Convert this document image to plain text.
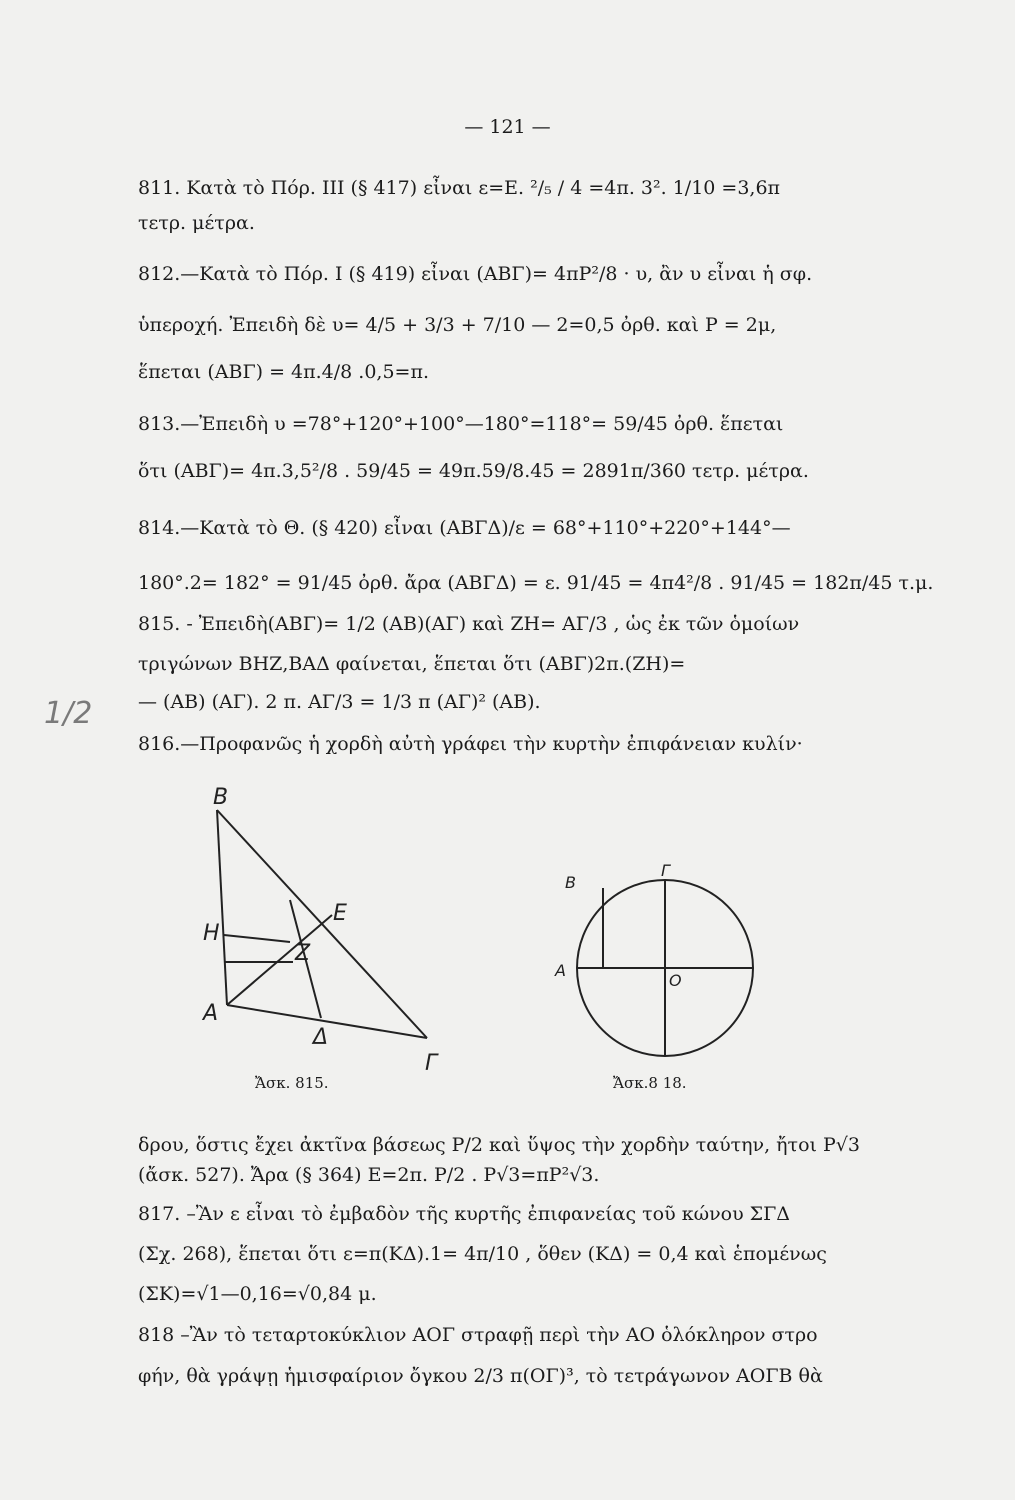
— 121 —
811. Κατὰ τὸ Πόρ. ΙΙΙ (§ 417) εἶναι ε=Ε. ²/₅ / 4 =4π. 3². 1/10 =3,6π
τετρ. μέτρα.
812.—Κατὰ τὸ Πόρ. Ι (§ 419) εἶναι (ΑΒΓ)= 4πΡ²/8 · υ, ἂν υ εἶναι ἡ σφ.
ὑπεροχή. Ἐπειδὴ δὲ υ= 4/5 + 3/3 + 7/10 — 2=0,5 ὀρθ. καὶ Ρ = 2μ,
ἕπεται (ΑΒΓ) = 4π.4/8 .0,5=π.
813.—Ἐπειδὴ υ =78°+120°+100°—180°=118°= 59/45 ὀρθ. ἕπεται
ὅτι (ΑΒΓ)= 4π.3,5²/8 . 59/45 = 49π.59/8.45 = 2891π/360 τετρ. μέτρα.
814.—Κατὰ τὸ Θ. (§ 420) εἶναι (ΑΒΓΔ)/ε = 68°+110°+220°+144°—
180°.2= 182° = 91/45 ὀρθ. ἄρα (ΑΒΓΔ) = ε. 91/45 = 4π4²/8 . 91/45 = 182π/45 τ.μ.
815. - Ἐπειδὴ(ΑΒΓ)= 1/2 (ΑΒ)(ΑΓ) καὶ ΖΗ= ΑΓ/3 , ὡς ἐκ τῶν ὁμοίων
τριγώνων ΒΗΖ,ΒΑΔ φαίνεται, ἕπεται ὅτι (ΑΒΓ)2π.(ΖΗ)=
— (ΑΒ) (ΑΓ). 2 π. ΑΓ/3 = 1/3 π (ΑΓ)² (ΑΒ).
816.—Προφανῶς ἡ χορδὴ αὐτὴ γράφει τὴν κυρτὴν ἐπιφάνειαν κυλίν·
1/2
B
H
E
Z
A
Δ
Γ
Ἄσκ. 815.
B
Γ
A
O
Ἄσκ.8 18.
δρου, ὅστις ἔχει ἀκτῖνα βάσεως Ρ/2 καὶ ὕψος τὴν χορδὴν ταύτην, ἤτοι Ρ√3
(ἄσκ. 527). Ἄρα (§ 364) Ε=2π. Ρ/2 . Ρ√3=πΡ²√3.
817. –Ἂν ε εἶναι τὸ ἐμβαδὸν τῆς κυρτῆς ἐπιφανείας τοῦ κώνου ΣΓΔ
(Σχ. 268), ἕπεται ὅτι ε=π(ΚΔ).1= 4π/10 , ὅθεν (ΚΔ) = 0,4 καὶ ἑπομένως
(ΣΚ)=√1—0,16=√0,84 μ.
818 –Ἂν τὸ τεταρτοκύκλιον ΑΟΓ στραφῇ περὶ τὴν ΑΟ ὁλόκληρον στρο
φήν, θὰ γράψῃ ἡμισφαίριον ὄγκου 2/3 π(ΟΓ)³, τὸ τετράγωνον ΑΟΓΒ θὰ
